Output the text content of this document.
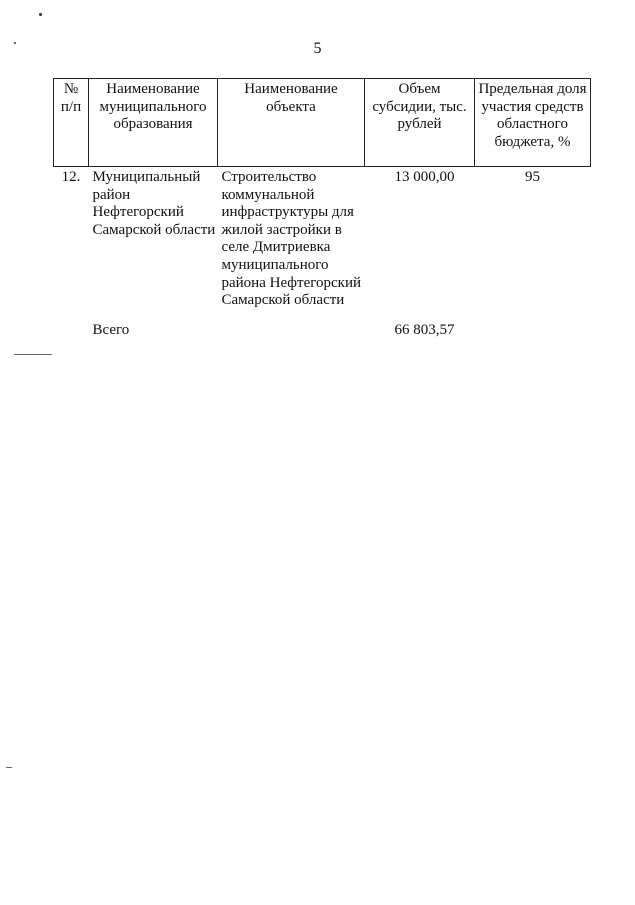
5
№ п/п	Наименование муниципального образования	Наименование объекта	Объем субсидии, тыс. рублей	Предельная доля участия средств областного бюджета, %
12.	Муниципальный район Нефтегорский Самарской области	Строительство коммунальной инфраструктуры для жилой застройки в селе Дмитриевка муниципального района Нефтегорский Самарской области	13 000,00	95
	Всего		66 803,57	
